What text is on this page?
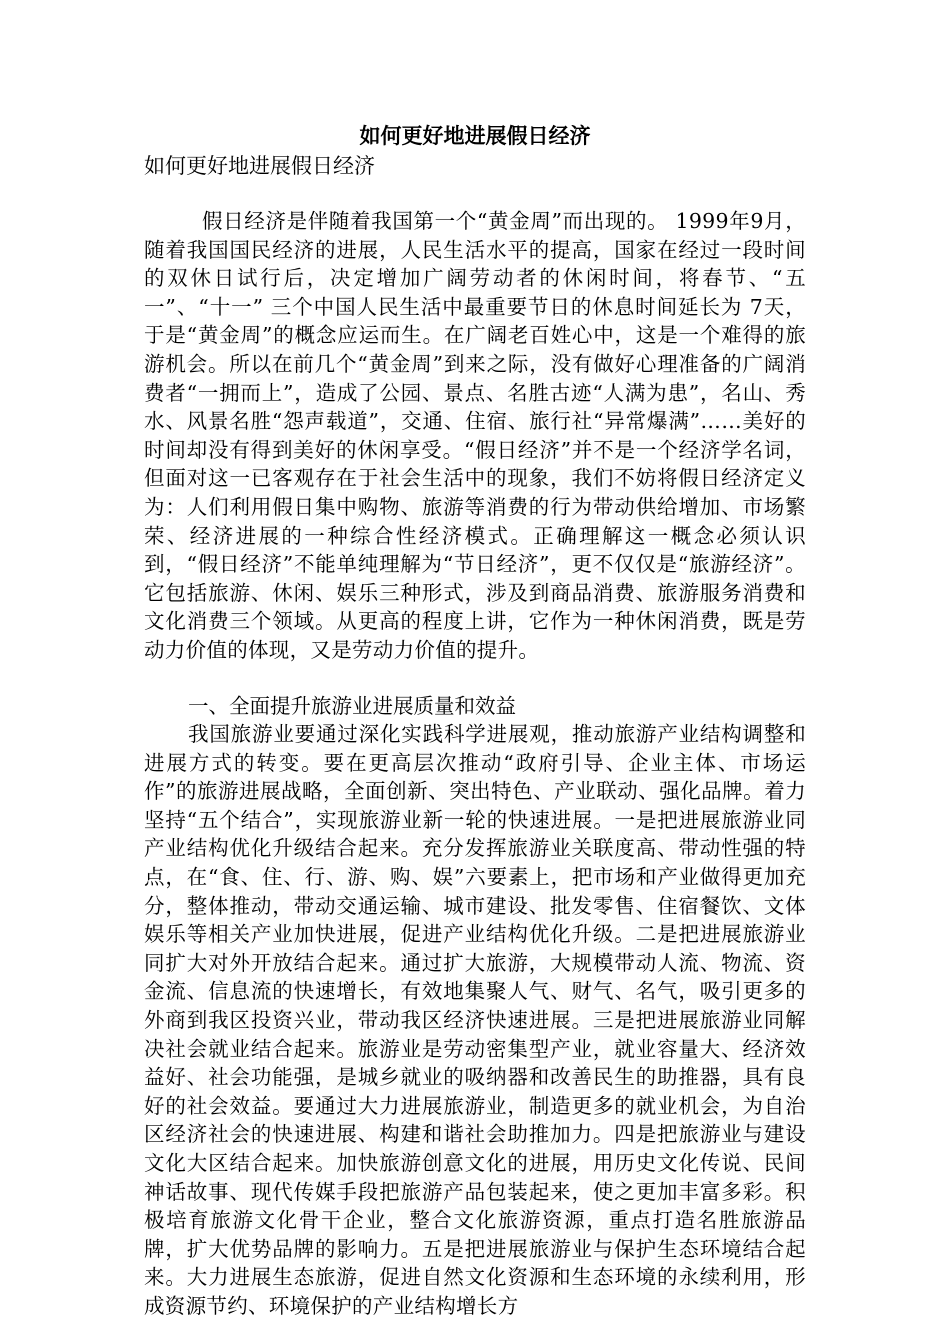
如何更好地进展假日经济

如何更好地进展假日经济

假日经济是伴随着我国第一个“黄金周”而出现的。 1999年9月，随着我国国民经济的进展，人民生活水平的提高，国家在经过一段时间的双休日试行后，决定增加广阔劳动者的休闲时间，将春节、“五一”、“十一” 三个中国人民生活中最重要节日的休息时间延长为 7天，于是“黄金周”的概念应运而生。在广阔老百姓心中，这是一个难得的旅游机会。所以在前几个“黄金周”到来之际，没有做好心理准备的广阔消费者“一拥而上”，造成了公园、景点、名胜古迹“人满为患”，名山、秀水、风景名胜“怨声载道”，交通、住宿、旅行社“异常爆满”……美好的时间却没有得到美好的休闲享受。“假日经济”并不是一个经济学名词，但面对这一已客观存在于社会生活中的现象，我们不妨将假日经济定义为：人们利用假日集中购物、旅游等消费的行为带动供给增加、市场繁荣、经济进展的一种综合性经济模式。正确理解这一概念必须认识到，“假日经济”不能单纯理解为“节日经济”，更不仅仅是“旅游经济”。它包括旅游、休闲、娱乐三种形式，涉及到商品消费、旅游服务消费和文化消费三个领域。从更高的程度上讲，它作为一种休闲消费，既是劳动力价值的体现，又是劳动力价值的提升。

一、全面提升旅游业进展质量和效益

我国旅游业要通过深化实践科学进展观，推动旅游产业结构调整和进展方式的转变。要在更高层次推动“政府引导、企业主体、市场运作”的旅游进展战略，全面创新、突出特色、产业联动、强化品牌。着力坚持“五个结合”，实现旅游业新一轮的快速进展。一是把进展旅游业同产业结构优化升级结合起来。充分发挥旅游业关联度高、带动性强的特点，在“食、住、行、游、购、娱”六要素上，把市场和产业做得更加充分，整体推动，带动交通运输、城市建设、批发零售、住宿餐饮、文体娱乐等相关产业加快进展，促进产业结构优化升级。二是把进展旅游业同扩大对外开放结合起来。通过扩大旅游，大规模带动人流、物流、资金流、信息流的快速增长，有效地集聚人气、财气、名气，吸引更多的外商到我区投资兴业，带动我区经济快速进展。三是把进展旅游业同解决社会就业结合起来。旅游业是劳动密集型产业，就业容量大、经济效益好、社会功能强，是城乡就业的吸纳器和改善民生的助推器，具有良好的社会效益。要通过大力进展旅游业，制造更多的就业机会，为自治区经济社会的快速进展、构建和谐社会助推加力。四是把旅游业与建设文化大区结合起来。加快旅游创意文化的进展，用历史文化传说、民间神话故事、现代传媒手段把旅游产品包装起来，使之更加丰富多彩。积极培育旅游文化骨干企业，整合文化旅游资源，重点打造名胜旅游品牌，扩大优势品牌的影响力。五是把进展旅游业与保护生态环境结合起来。大力进展生态旅游，促进自然文化资源和生态环境的永续利用，形成资源节约、环境保护的产业结构增长方
